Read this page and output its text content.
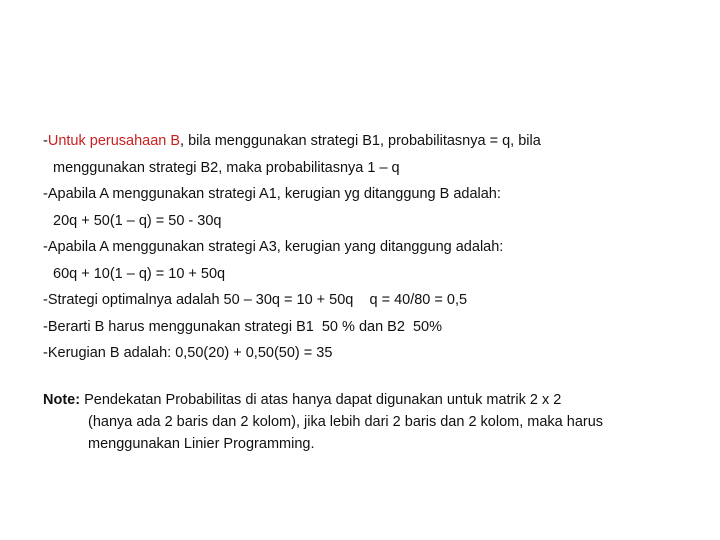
-Untuk perusahaan B, bila menggunakan strategi B1, probabilitasnya = q, bila
menggunakan strategi B2, maka probabilitasnya 1 – q
-Apabila A menggunakan strategi A1, kerugian yg ditanggung B adalah:
20q + 50(1 – q) = 50 - 30q
-Apabila A menggunakan strategi A3, kerugian yang ditanggung adalah:
60q + 10(1 – q) = 10 + 50q
-Strategi optimalnya adalah 50 – 30q = 10 + 50q    q = 40/80 = 0,5
-Berarti B harus menggunakan strategi B1  50 % dan B2  50%
-Kerugian B adalah: 0,50(20) + 0,50(50) = 35
Note: Pendekatan Probabilitas di atas hanya dapat digunakan untuk matrik 2 x 2
(hanya ada 2 baris dan 2 kolom), jika lebih dari 2 baris dan 2 kolom, maka harus
menggunakan Linier Programming.
